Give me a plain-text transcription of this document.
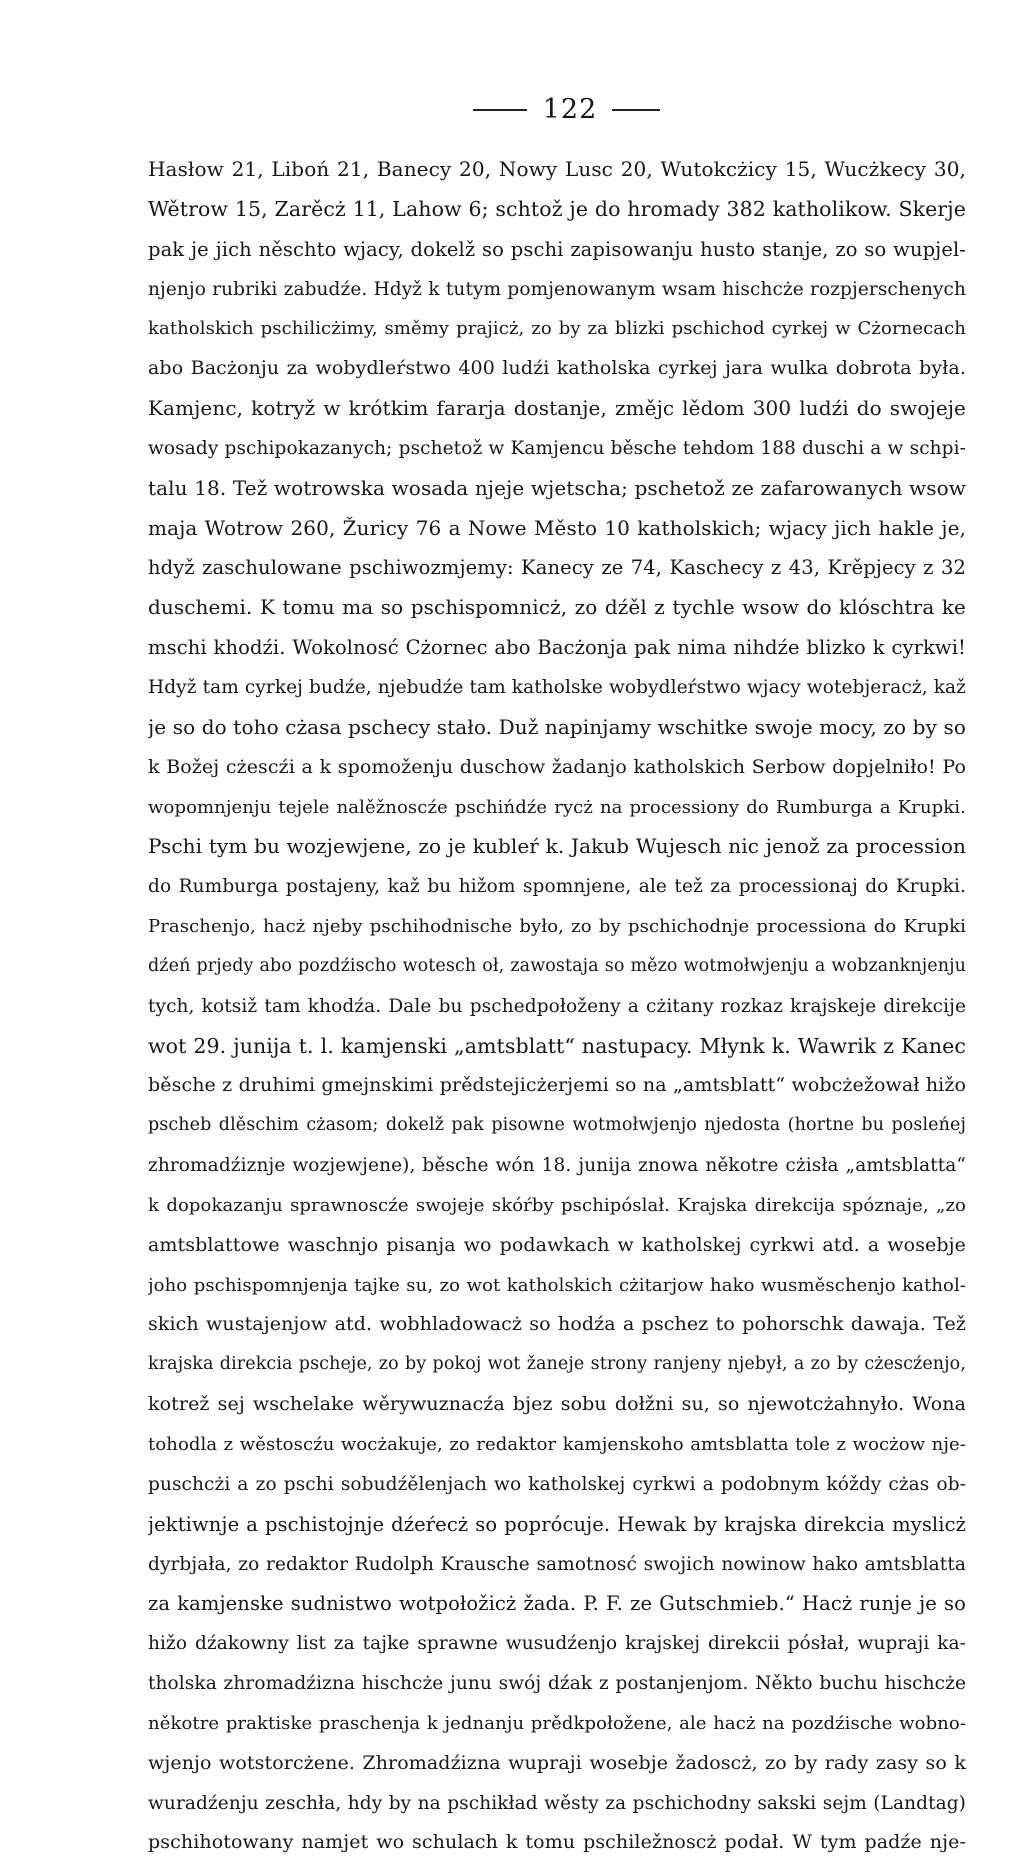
122
Hasłow 21, Liboń 21, Banecy 20, Nowy Lusc 20, Wutokcżicy 15, Wucżkecy 30,
Wětrow 15, Zarěcż 11, Lahow 6; schtož je do hromady 382 katholikow. Skerje
pak je jich něschto wjacy, dokelž so pschi zapisowanju husto stanje, zo so wupjel-
njenjo rubriki zabudźe. Hdyž k tutym pomjenowanym wsam hischcże rozpjerschenych
katholskich pschilicżimy, směmy prajicż, zo by za blizki pschichod cyrkej w Cżornecach
abo Bacżonju za wobydleŕstwo 400 ludźi katholska cyrkej jara wulka dobrota była.
Kamjenc, kotryž w krótkim fararja dostanje, změjc lědom 300 ludźi do swojeje
wosady pschipokazanych; pschetož w Kamjencu běsche tehdom 188 duschi a w schpi-
talu 18. Tež wotrowska wosada njeje wjetscha; pschetož ze zafarowanych wsow
maja Wotrow 260, Žuricy 76 a Nowe Město 10 katholskich; wjacy jich hakle je,
hdyž zaschulowane pschiwozmjemy: Kanecy ze 74, Kaschecy z 43, Krěpjecy z 32
duschemi. K tomu ma so pschispomnicż, zo dźěl z tychle wsow do klóschtra ke
mschi khodźi. Wokolnosć Cżornec abo Bacżonja pak nima nihdźe blizko k cyrkwi!
Hdyž tam cyrkej budźe, njebudźe tam katholske wobydleŕstwo wjacy wotebjeracż, kaž
je so do toho cżasa pschecy stało. Duž napinjamy wschitke swoje mocy, zo by so
k Božej cżescźi a k spomoženju duschow žadanjo katholskich Serbow dopjelniło! Po
wopomnjenju tejele nalěžnoscźe pschińdźe rycż na processiony do Rumburga a Krupki.
Pschi tym bu wozjewjene, zo je kubleŕ k. Jakub Wujesch nic jenož za procession
do Rumburga postajeny, kaž bu hižom spomnjene, ale tež za processionaj do Krupki.
Praschenjo, hacż njeby pschihodnische było, zo by pschichodnje processiona do Krupki
dźeń prjedy abo pozdźischo wotesch oł, zawostaja so mězo wotmołwjenju a wobzanknjenju
tych, kotsiž tam khodźa. Dale bu pschedpołoženy a cżitany rozkaz krajskeje direkcije
wot 29. junija t. l. kamjenski „amtsblatt“ nastupacy. Młynk k. Wawrik z Kanec
běsche z druhimi gmejnskimi prědstejicżerjemi so na „amtsblatt“ wobcżežował hižo
pscheb dlěschim cżasom; dokelž pak pisowne wotmołwjenjo njedosta (hortne bu posleńej
zhromadźiznje wozjewjene), běsche wón 18. junija znowa někotre cżisła „amtsblatta“
k dopokazanju sprawnoscźe swojeje skóŕby pschipóslał. Krajska direkcija spóznaje, „zo
amtsblattowe waschnjo pisanja wo podawkach w katholskej cyrkwi atd. a wosebje
joho pschispomnjenja tajke su, zo wot katholskich cżitarjow hako wusměschenjo kathol-
skich wustajenjow atd. wobhladowacż so hodźa a pschez to pohorschk dawaja. Tež
krajska direkcia pscheje, zo by pokoj wot žaneje strony ranjeny njebył, a zo by cżescźenjo,
kotrež sej wschelake wěrywuznacźa bjez sobu dołžni su, so njewotcżahnyło. Wona
tohodla z wěstoscźu wocżakuje, zo redaktor kamjenskoho amtsblatta tole z wocżow nje-
puschcżi a zo pschi sobudźělenjach wo katholskej cyrkwi a podobnym kóždy cżas ob-
jektiwnje a pschistojnje dźeŕecż so poprócuje. Hewak by krajska direkcia myslicż
dyrbjała, zo redaktor Rudolph Krausche samotnosć swojich nowinow hako amtsblatta
za kamjenske sudnistwo wotpołožicż žada. P. F. ze Gutschmieb.“ Hacż runje je so
hižo dźakowny list za tajke sprawne wusudźenjo krajskej direkcii pósłał, wupraji ka-
tholska zhromadźizna hischcże junu swój dźak z postanjenjom. Někto buchu hischcże
někotre praktiske praschenja k jednanju prědkpołožene, ale hacż na pozdźische wobno-
wjenjo wotstorcżene. Zhromadźizna wupraji wosebje žadoscż, zo by rady zasy so k
wuradźenju zeschła, hdy by na pschikład wěsty za pschichodny sakski sejm (Landtag)
pschihotowany namjet wo schulach k tomu pschiležnoscż podał. W tym padźe nje-
